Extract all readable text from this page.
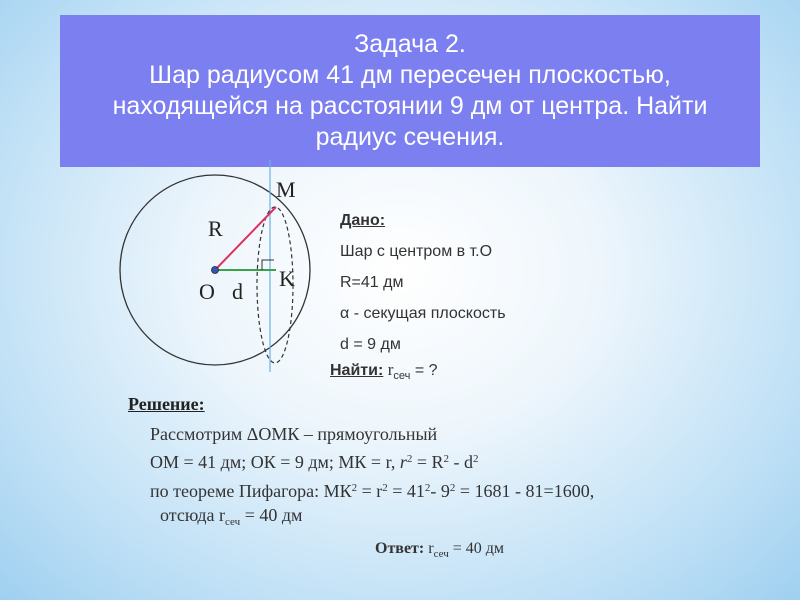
Задача 2.
Шар радиусом 41 дм пересечен плоскостью,
находящейся на расстоянии 9 дм от центра. Найти
радиус сечения.
M
R
K
O d
Дано:
Шар с центром в т.О
R=41 дм
α - секущая плоскость
d = 9 дм
Найти: $r_{сеч}$ = ?
Решение:
Рассмотрим ΔОМК – прямоугольный
ОМ = 41 дм; ОК = 9 дм; МК = r, $r^2 = R^2 - d^2$
по теореме Пифагора: $МК^2 = r^2 = 41^2-$ $9^2 = 1681 - 81=1600$,
отсюда $r_{сеч} = 40$ дм
Ответ: $r_{сеч} = 40$ дм
